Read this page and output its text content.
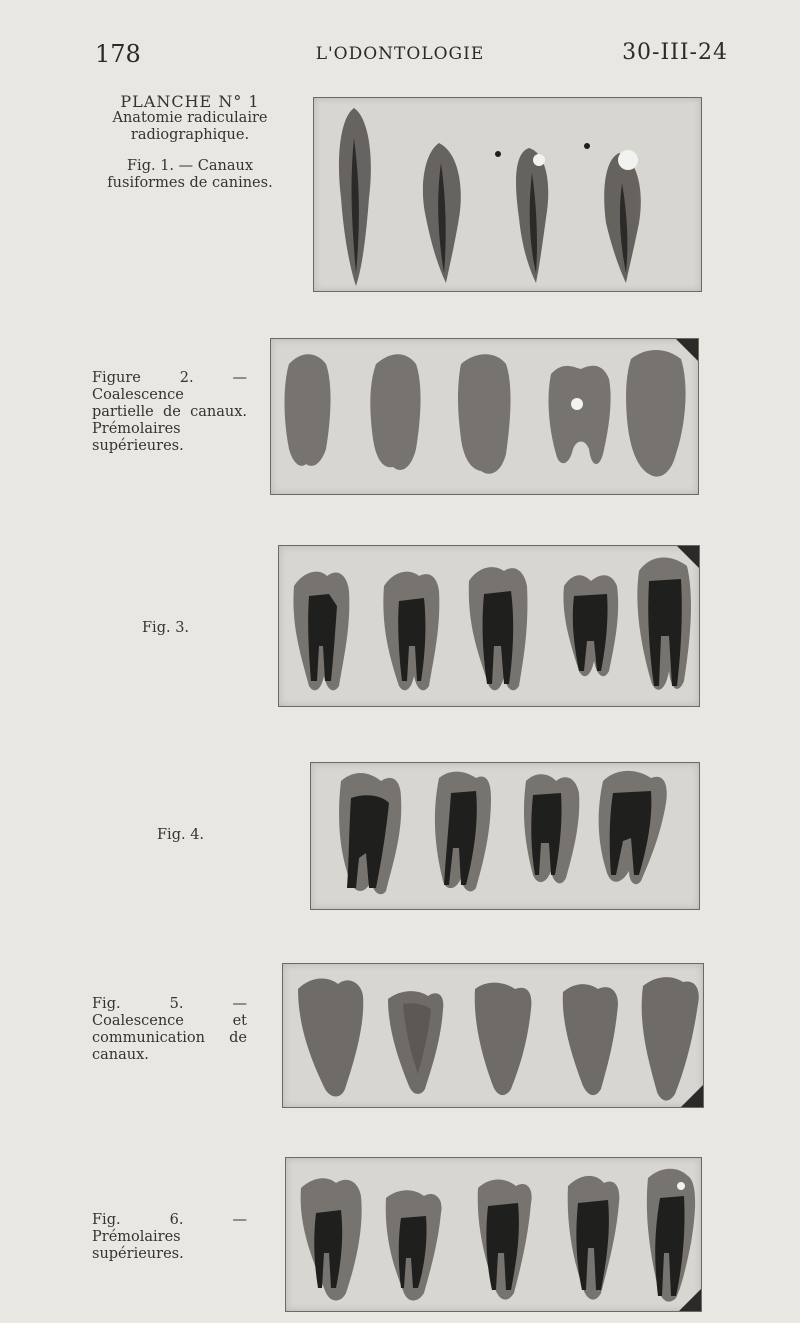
178	L'ODONTOLOGIE	30-III-24
PLANCHE N° 1
Anatomie radiculaire
radiographique.
Fig. 1. — Canaux fusiformes de canines.
Figure 2. — Coalescence partielle de canaux. Prémolaires supérieures.
Fig. 3.
Fig. 4.
Fig. 5. — Coalescence et communication de canaux.
Fig. 6. — Prémolaires supérieures.
